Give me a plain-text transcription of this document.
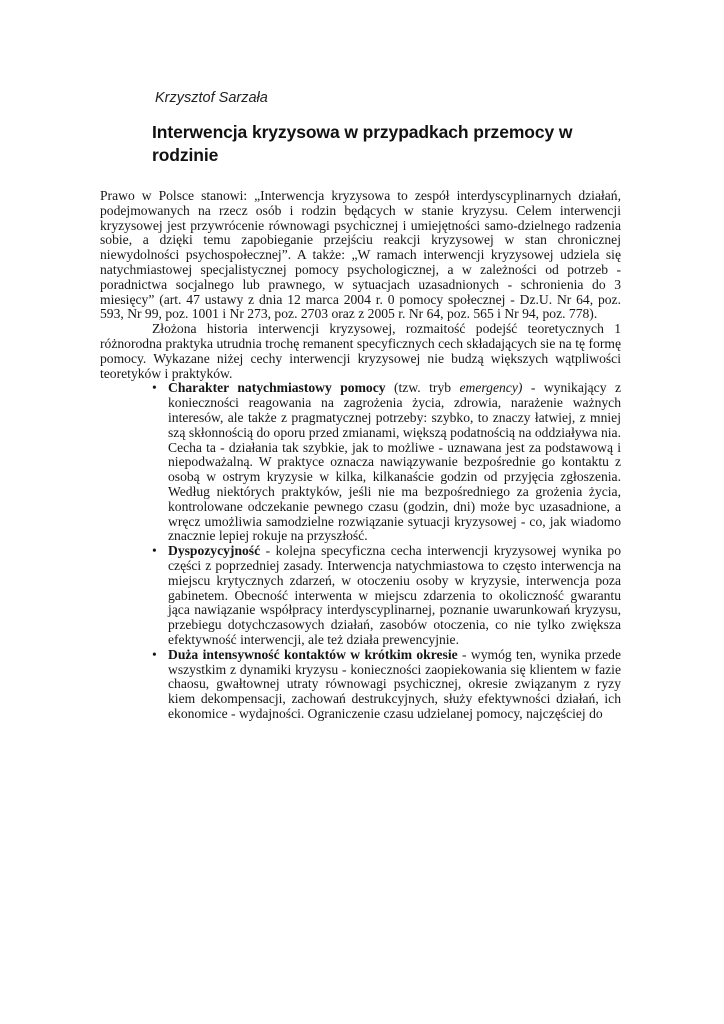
Krzysztof Sarzała
Interwencja kryzysowa w przypadkach przemocy w rodzinie

Prawo w Polsce stanowi: „Interwencja kryzysowa to zespół interdyscyplinarnych działań, podejmowanych na rzecz osób i rodzin będących w stanie kryzysu. Celem interwencji kryzysowej jest przywrócenie równowagi psychicznej i umiejętności samo-dzielnego radzenia sobie, a dzięki temu zapobieganie przejściu reakcji kryzysowej w stan chronicznej niewydolności psychospołecznej”. A także: „W ramach interwencji kryzysowej udziela się natychmiastowej specjalistycznej pomocy psychologicznej, a w zależności od potrzeb - poradnictwa socjalnego lub prawnego, w sytuacjach uzasadnionych - schronienia do 3 miesięcy” (art. 47 ustawy z dnia 12 marca 2004 r. 0 pomocy społecznej - Dz.U. Nr 64, poz. 593, Nr 99, poz. 1001 i Nr 273, poz. 2703 oraz z 2005 r. Nr 64, poz. 565 i Nr 94, poz. 778).

Złożona historia interwencji kryzysowej, rozmaitość podejść teoretycznych 1 różnorodna praktyka utrudnia trochę remanent specyficznych cech składających sie na tę formę pomocy. Wykazane niżej cechy interwencji kryzysowej nie budzą większych wątpliwości teoretyków i praktyków.

• Charakter natychmiastowy pomocy (tzw. tryb emergency) - wynikający z konieczności reagowania na zagrożenia życia, zdrowia, narażenie ważnych interesów, ale także z pragmatycznej potrzeby: szybko, to znaczy łatwiej, z mniej szą skłonnością do oporu przed zmianami, większą podatnością na oddziaływa nia. Cecha ta - działania tak szybkie, jak to możliwe - uznawana jest za podstawową i niepodważalną. W praktyce oznacza nawiązywanie bezpośrednie go kontaktu z osobą w ostrym kryzysie w kilka, kilkanaście godzin od przyjęcia zgłoszenia. Według niektórych praktyków, jeśli nie ma bezpośredniego za grożenia życia, kontrolowane odczekanie pewnego czasu (godzin, dni) może byc uzasadnione, a wręcz umożliwia samodzielne rozwiązanie sytuacji kryzysowej - co, jak wiadomo znacznie lepiej rokuje na przyszłość.
• Dyspozycyjność - kolejna specyficzna cecha interwencji kryzysowej wynika po części z poprzedniej zasady. Interwencja natychmiastowa to często interwencja na miejscu krytycznych zdarzeń, w otoczeniu osoby w kryzysie, interwencja poza gabinetem. Obecność interwenta w miejscu zdarzenia to okoliczność gwarantu jąca nawiązanie współpracy interdyscyplinarnej, poznanie uwarunkowań kryzysu, przebiegu dotychczasowych działań, zasobów otoczenia, co nie tylko zwiększa efektywność interwencji, ale też działa prewencyjnie.
• Duża intensywność kontaktów w krótkim okresie - wymóg ten, wynika przede wszystkim z dynamiki kryzysu - konieczności zaopiekowania się klientem w fazie chaosu, gwałtownej utraty równowagi psychicznej, okresie związanym z ryzy kiem dekompensacji, zachowań destrukcyjnych, służy efektywności działań, ich ekonomice - wydajności. Ograniczenie czasu udzielanej pomocy, najczęściej do
